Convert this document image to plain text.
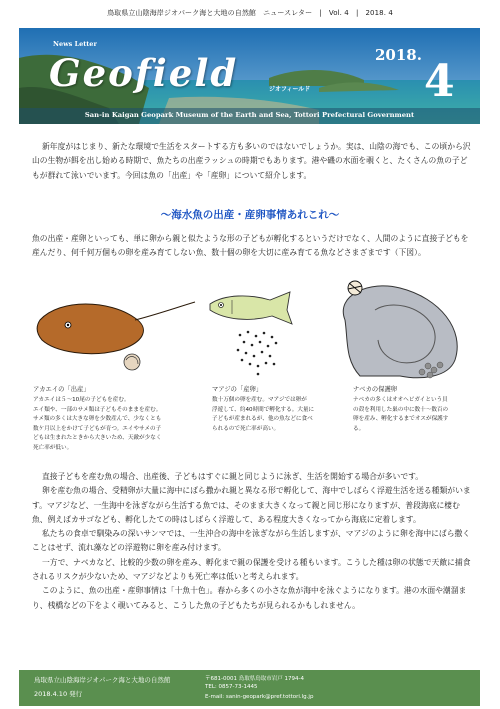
鳥取県立山陰海岸ジオパーク海と大地の自然館　ニュースレター　|　Vol. 4　|　2018. 4
News Letter
Geofield	ジオフィールド
2018.
4
San-in Kaigan Geopark Museum of the Earth and Sea, Tottori Prefectural Government
新年度がはじまり、新たな環境で生活をスタートする方も多いのではないでしょうか。実は、山陰の海でも、この頃から沢山の生物が餌を出し始める時期で、魚たちの出産ラッシュの時期でもあります。港や磯の水面を覗くと、たくさんの魚の子どもが群れて泳いでいます。今回は魚の「出産」や「産卵」について紹介します。
～海水魚の出産・産卵事情あれこれ～
魚の出産・産卵といっても、単に卵から親と似たような形の子どもが孵化するというだけでなく、人間のように直接子どもを産んだり、何千何万個もの卵を産み育てしない魚、数十個の卵を大切に産み育てる魚などさまざまです（下図）。
アカエイの「出産」
アカエイは５～10尾の子どもを産む。
エイ類や、一部のサメ類は子どもそのままを産む。
サメ類の多くは大きな卵を少数産んで、少なくとも
数ケ月以上をかけて子どもが育つ。エイやサメの子
どもは生まれたときから大きいため、天敵が少なく
死亡率が低い。
マアジの「産卵」
数十万個の卵を産む。マアジでは卵が
浮遊して、約40時間で孵化する。大量に
子どもが産まれるが、他の魚などに食べ
られるので死亡率が高い。
ナベカの保護卵
ナベカの多くはオオヘビガイという貝
の殻を利用した巣の中に数十～数百の
卵を産み、孵化するまでオスが保護す
る。

直接子どもを産む魚の場合、出産後、子どもはすぐに親と同じように泳ぎ、生活を開始する場合が多いです。

卵を産む魚の場合、受精卵が大量に海中にばら撒かれ親と異なる形で孵化して、海中でしばらく浮遊生活を送る種類がいます。マアジなど、一生海中を泳ぎながら生活する魚では、そのまま大きくなって親と同じ形になりますが、普段海底に棲む魚、例えばカサゴなども、孵化したての時はしばらく浮遊して、ある程度大きくなってから海底に定着します。

私たちの食卓で馴染みの深いサンマでは、一生沖合の海中を泳ぎながら生活しますが、マアジのように卵を海中にばら撒くことはせず、流れ藻などの浮遊物に卵を産み付けます。

一方で、ナベカなど、比較的少数の卵を産み、孵化まで親の保護を受ける種もいます。こうした種は卵の状態で天敵に捕食されるリスクが少ないため、マアジなどよりも死亡率は低いと考えられます。

このように、魚の出産・産卵事情は「十魚十色」。春から多くの小さな魚が海中を泳ぐようになります。港の水面や潮溜まり、桟橋などの下をよく覗いてみると、こうした魚の子どもたちが見られるかもしれません。

鳥取県立山陰海岸ジオパーク海と大地の自然館
2018.4.10 発行
〒681-0001 鳥取県鳥取市岩戸 1794-4
TEL: 0857-73-1445
E-mail: sanin-geopark@pref.tottori.lg.jp
